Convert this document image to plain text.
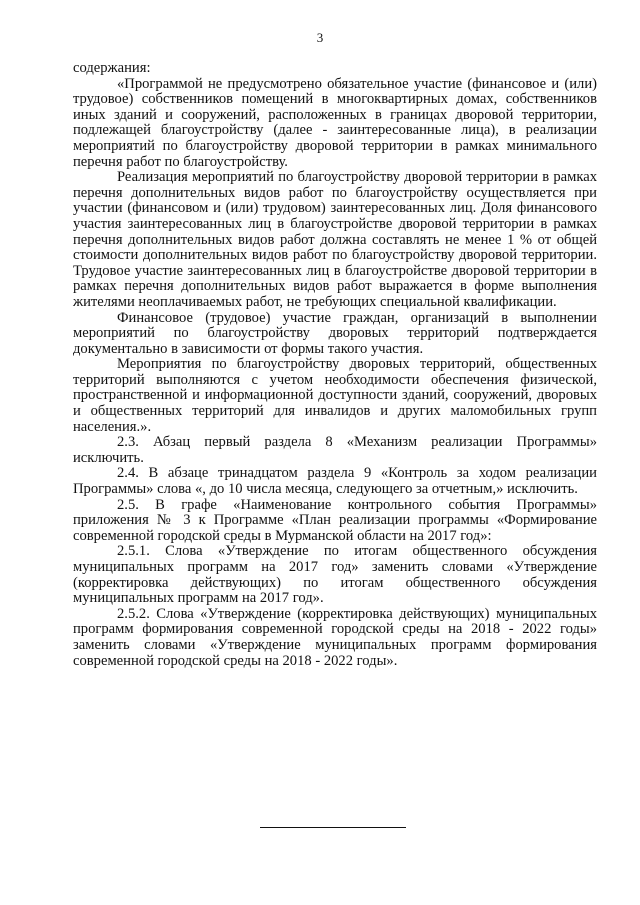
3

содержания:

«Программой не предусмотрено обязательное участие (финансовое и (или) трудовое) собственников помещений в многоквартирных домах, собственников иных зданий и сооружений, расположенных в границах дворовой территории, подлежащей благоустройству (далее - заинтересованные лица), в реализации мероприятий по благоустройству дворовой территории в рамках минимального перечня работ по благоустройству.

Реализация мероприятий по благоустройству дворовой территории в рамках перечня дополнительных видов работ по благоустройству осуществляется при участии (финансовом и (или) трудовом) заинтересованных лиц. Доля финансового участия заинтересованных лиц в благоустройстве дворовой территории в рамках перечня дополнительных видов работ должна составлять не менее 1 % от общей стоимости дополнительных видов работ по благоустройству дворовой территории. Трудовое участие заинтересованных лиц в благоустройстве дворовой территории в рамках перечня дополнительных видов работ выражается в форме выполнения жителями неоплачиваемых работ, не требующих специальной квалификации.

Финансовое (трудовое) участие граждан, организаций в выполнении мероприятий по благоустройству дворовых территорий подтверждается документально в зависимости от формы такого участия.

Мероприятия по благоустройству дворовых территорий, общественных территорий выполняются с учетом необходимости обеспечения физической, пространственной и информационной доступности зданий, сооружений, дворовых и общественных территорий для инвалидов и других маломобильных групп населения.».

2.3. Абзац первый раздела 8 «Механизм реализации Программы» исключить.

2.4. В абзаце тринадцатом раздела 9 «Контроль за ходом реализации Программы» слова «, до 10 числа месяца, следующего за отчетным,» исключить.

2.5. В графе «Наименование контрольного события Программы» приложения № 3 к Программе «План реализации программы «Формирование современной городской среды в Мурманской области на 2017 год»:

2.5.1. Слова «Утверждение по итогам общественного обсуждения муниципальных программ на 2017 год» заменить словами «Утверждение (корректировка действующих) по итогам общественного обсуждения муниципальных программ на 2017 год».

2.5.2. Слова «Утверждение (корректировка действующих) муниципальных программ формирования современной городской среды на 2018 - 2022 годы» заменить словами «Утверждение муниципальных программ формирования современной городской среды на 2018 - 2022 годы».
